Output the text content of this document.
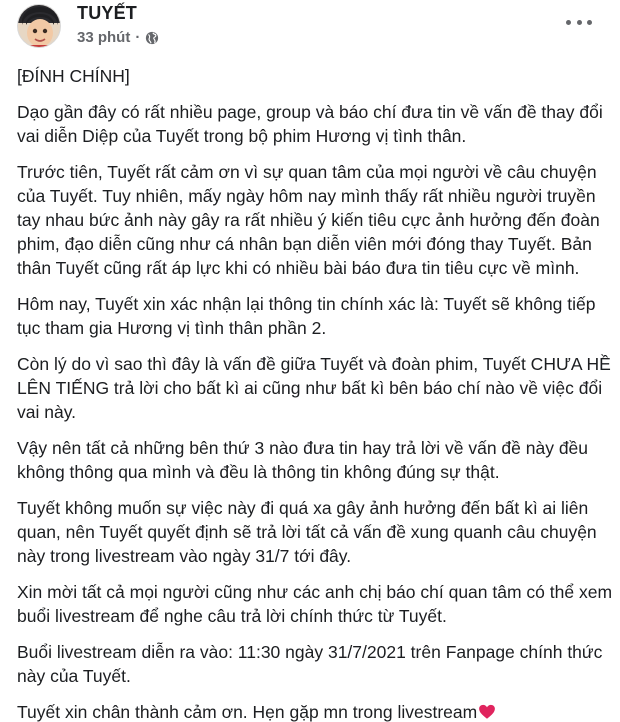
TUYẾT
33 phút ·

[ĐÍNH CHÍNH]

Dạo gần đây có rất nhiều page, group và báo chí đưa tin về vấn đề thay đổi vai diễn Diệp của Tuyết trong bộ phim Hương vị tình thân.

Trước tiên, Tuyết rất cảm ơn vì sự quan tâm của mọi người về câu chuyện của Tuyết. Tuy nhiên, mấy ngày hôm nay mình thấy rất nhiều người truyền tay nhau bức ảnh này gây ra rất nhiều ý kiến tiêu cực ảnh hưởng đến đoàn phim, đạo diễn cũng như cá nhân bạn diễn viên mới đóng thay Tuyết. Bản thân Tuyết cũng rất áp lực khi có nhiều bài báo đưa tin tiêu cực về mình.

Hôm nay, Tuyết xin xác nhận lại thông tin chính xác là: Tuyết sẽ không tiếp tục tham gia Hương vị tình thân phần 2.

Còn lý do vì sao thì đây là vấn đề giữa Tuyết và đoàn phim, Tuyết CHƯA HỀ LÊN TIẾNG trả lời cho bất kì ai cũng như bất kì bên báo chí nào về việc đổi vai này.

Vậy nên tất cả những bên thứ 3 nào đưa tin hay trả lời về vấn đề này đều không thông qua mình và đều là thông tin không đúng sự thật.

Tuyết không muốn sự việc này đi quá xa gây ảnh hưởng đến bất kì ai liên quan, nên Tuyết quyết định sẽ trả lời tất cả vấn đề xung quanh câu chuyện này trong livestream vào ngày 31/7 tới đây.

Xin mời tất cả mọi người cũng như các anh chị báo chí quan tâm có thể xem buổi livestream để nghe câu trả lời chính thức từ Tuyết.

Buổi livestream diễn ra vào: 11:30 ngày 31/7/2021 trên Fanpage chính thức này của Tuyết.

Tuyết xin chân thành cảm ơn. Hẹn gặp mn trong livestream
